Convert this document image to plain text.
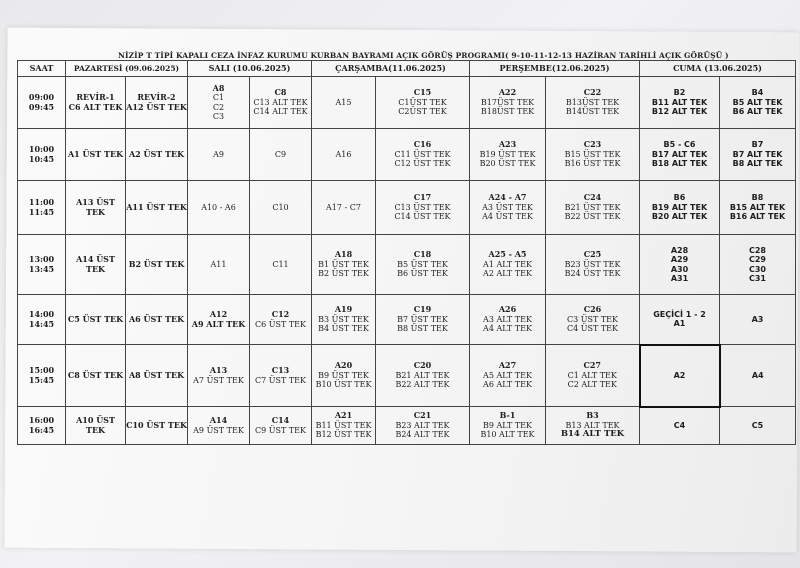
NİZİP T TİPİ KAPALI CEZA İNFAZ KURUMU KURBAN BAYRAMI AÇIK GÖRÜŞ PROGRAMI( 9-10-11-12-13 HAZİRAN TARİHLİ AÇIK GÖRÜŞÜ )
SAAT	PAZARTESİ (09.06.2025)		SALI (10.06.2025)		ÇARŞAMBA(11.06.2025)		PERŞEMBE(12.06.2025)		CUMA (13.06.2025)	

09:00
09:45	REVİR-1
C6 ALT TEK	REVİR-2
A12 ÜST TEK	A8
C1
C2
C3	C8
C13 ALT TEK
C14 ALT TEK	A15	C15
C1ÜST TEK
C2ÜST TEK	A22
B17ÜST TEK
B18ÜST TEK	C22
B13ÜST TEK
B14ÜST TEK	B2
B11 ALT TEK
B12 ALT TEK	B4
B5 ALT TEK
B6 ALT TEK

10:00
10:45	A1 ÜST TEK	A2 ÜST TEK	A9	C9	A16	C16
C11 ÜST TEK
C12 ÜST TEK	A23
B19 ÜST TEK
B20 ÜST TEK	C23
B15 ÜST TEK
B16 ÜST TEK	B5 - C6
B17 ALT TEK
B18 ALT TEK	B7
B7 ALT TEK
B8 ALT TEK

11:00
11:45	A13 ÜST TEK	A11 ÜST TEK	A10 - A6	C10	A17 - C7	C17
C13 ÜST TEK
C14 ÜST TEK	A24 - A7
A3 ÜST TEK
A4 ÜST TEK	C24
B21 ÜST TEK
B22 ÜST TEK	B6
B19 ALT TEK
B20 ALT TEK	B8
B15 ALT TEK
B16 ALT TEK

13:00
13:45	A14 ÜST TEK	B2 ÜST TEK	A11	C11	A18
B1 ÜST TEK
B2 ÜST TEK	C18
B5 ÜST TEK
B6 ÜST TEK	A25 - A5
A1 ALT TEK
A2 ALT TEK	C25
B23 ÜST TEK
B24 ÜST TEK	A28
A29
A30
A31	C28
C29
C30
C31

14:00
14:45	C5 ÜST TEK	A6 ÜST TEK	A12
A9 ALT TEK	C12
C6 ÜST TEK	A19
B3 ÜST TEK
B4 ÜST TEK	C19
B7 ÜST TEK
B8 ÜST TEK	A26
A3 ALT TEK
A4 ALT TEK	C26
C3 ÜST TEK
C4 ÜST TEK	GEÇİCİ 1 - 2
A1	A3

15:00
15:45	C8 ÜST TEK	A8 ÜST TEK	A13
A7 ÜST TEK	C13
C7 ÜST TEK	A20
B9 ÜST TEK
B10 ÜST TEK	C20
B21 ALT TEK
B22 ALT TEK	A27
A5 ALT TEK
A6 ALT TEK	C27
C1 ALT TEK
C2 ALT TEK	A2	A4

16:00
16:45	A10 ÜST TEK	C10 ÜST TEK	A14
A9 ÜST TEK	C14
C9 ÜST TEK	A21
B11 ÜST TEK
B12 ÜST TEK	C21
B23 ALT TEK
B24 ALT TEK	B-1
B9 ALT TEK
B10 ALT TEK	B3
B13 ALT TEK
B14 ALT TEK	C4	C5
